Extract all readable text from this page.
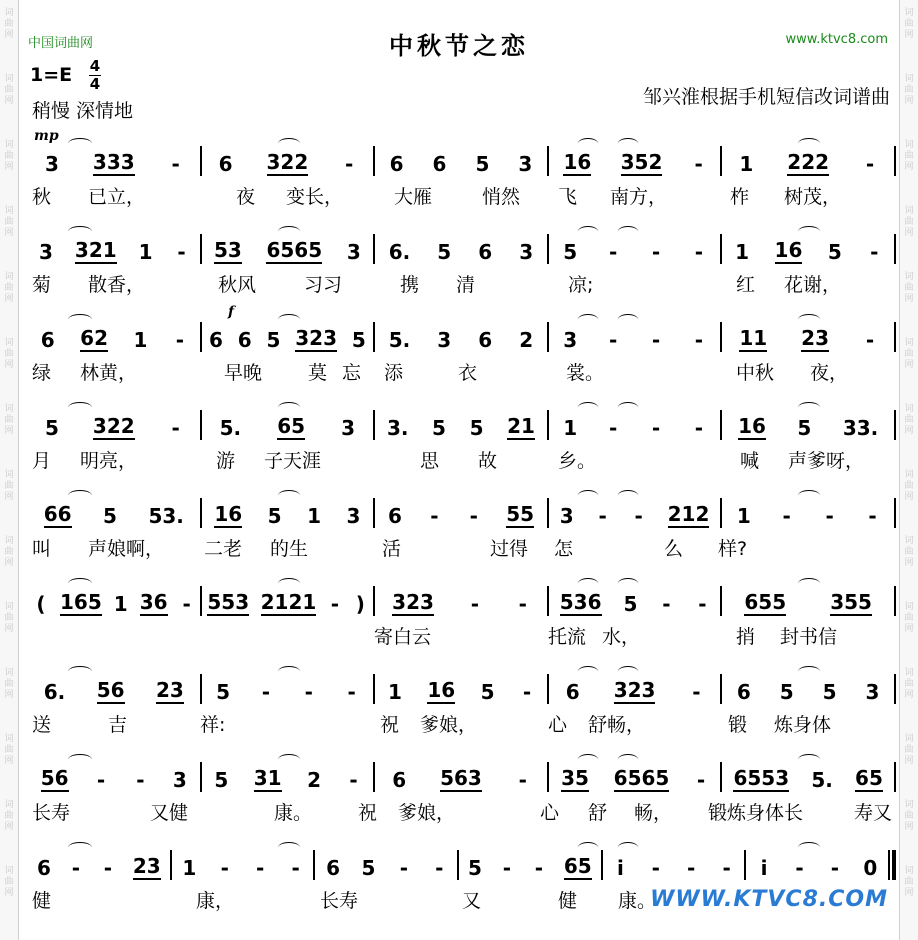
词曲网
词曲网
词曲网
词曲网
词曲网
词曲网
词曲网
词曲网
词曲网
词曲网
词曲网
词曲网
词曲网
词曲网
词曲网
词曲网
词曲网
词曲网
词曲网
词曲网
词曲网
词曲网
词曲网
词曲网
词曲网
词曲网
词曲网
词曲网
中国词曲网	中秋节之恋	www.ktvc8.com
1=E 4
4
稍慢 深情地
邹兴淮根据手机短信改词谱曲
mp
3 333 - 6 322 - 6 6 5 3 16 352 - 1 222 -
秋 已立，	夜 变长，	大雁	悄然 飞 南方，	柞 树茂，
3 321 1 - 53 6565 3 6. 5 6 3 5 - - - 1 16 5 -
菊 散香，	秋风	习习	携 清	凉;	红 花谢，
f
6 62 1 - 6 6 5 323 5 5. 3 6 2 3 - - - 11 23 -
绿 林黄，	早晚 莫 忘 添	衣	裳。	中秋 夜，
5 322 - 5. 65 3 3. 5 5 21 1 - - - 16 5 33.
月 明亮，	游 子天涯	思 故	乡。	喊 声爹呀，
66 5 53. 16 5 1 3 6 - - 55 3 - - 212 1 - - -
叫 声娘啊， 二老 的生	活	过得 怎	么 样?
( 165 1 36 - 553 2121 - ) 323 - - 536 5 - - 655 355
寄白云	托流 水，	捎 封书信
6. 56 23 5 - - - 1 16 5 - 6 323 - 6 5 5 3
送	吉	祥:	祝 爹娘，	心 舒畅，	锻 炼身体
56 - - 3 5 31 2 - 6 563 - 35 6565 - 6553 5. 65
长寿	又健	康。 祝 爹娘，	心 舒 畅， 锻炼身体长	寿又
6 - - 23 1 - - - 6 5 - - 5 - - 65 i - - - i - - 0
健	康，	长寿	又	健 康。
WWW.KTVC8.COM
